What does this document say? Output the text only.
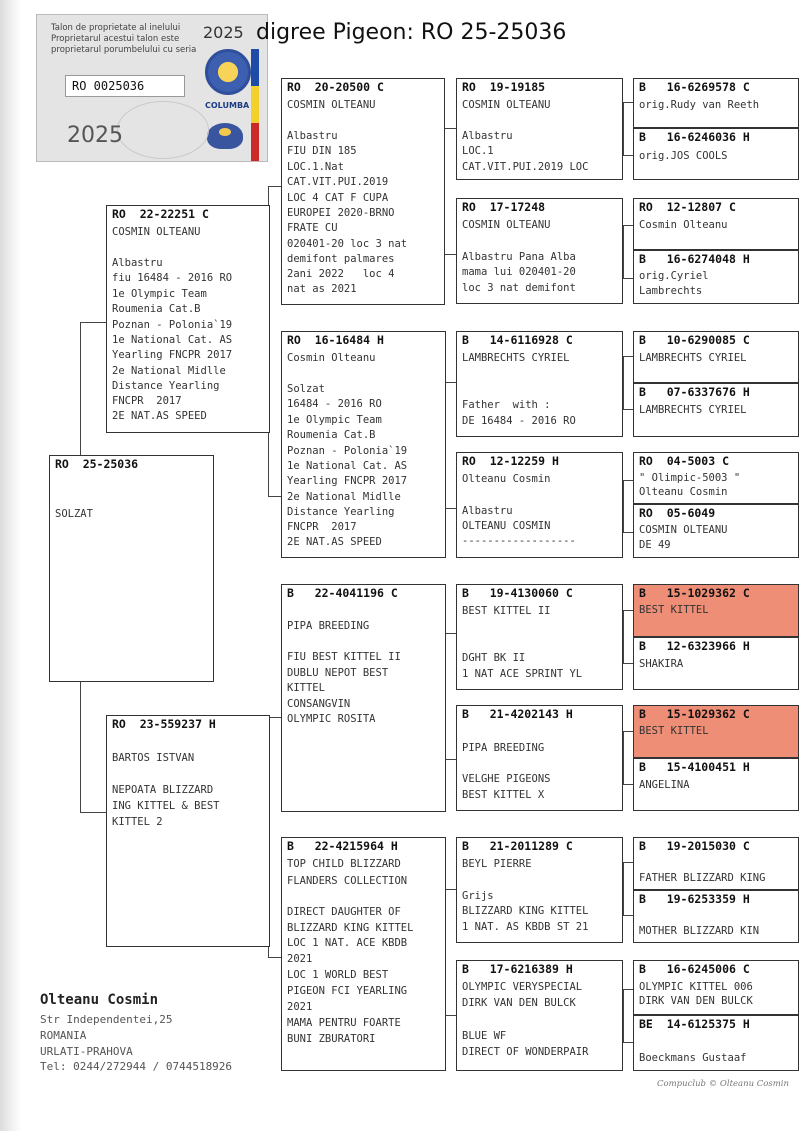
Talon de proprietate al inelului
Proprietarul acestui talon este
proprietarul porumbelului cu seria
2025
COLUMBA
RO 0025036
2025
digree Pigeon: RO 25-25036
RO  25-25036
SOLZAT
RO  22-22251 C
COSMIN OLTEANU
Albastru
fiu 16484 - 2016 RO
1e Olympic Team
Roumenia Cat.B
Poznan - Polonia`19
1e National Cat. AS
Yearling FNCPR 2017
2e National Midlle
Distance Yearling
FNCPR  2017
2E NAT.AS SPEED
RO  23-559237 H
BARTOS ISTVAN
NEPOATA BLIZZARD
ING KITTEL & BEST
KITTEL 2
RO  20-20500 C
COSMIN OLTEANU
Albastru
FIU DIN 185
LOC.1.Nat
CAT.VIT.PUI.2019
LOC 4 CAT F CUPA
EUROPEI 2020-BRNO
FRATE CU
020401-20 loc 3 nat
demifont palmares
2ani 2022   loc 4
nat as 2021
RO  16-16484 H
Cosmin Olteanu
Solzat
16484 - 2016 RO
1e Olympic Team
Roumenia Cat.B
Poznan - Polonia`19
1e National Cat. AS
Yearling FNCPR 2017
2e National Midlle
Distance Yearling
FNCPR  2017
2E NAT.AS SPEED
B   22-4041196 C
PIPA BREEDING
FIU BEST KITTEL II
DUBLU NEPOT BEST
KITTEL
CONSANGVIN
OLYMPIC ROSITA
B   22-4215964 H
TOP CHILD BLIZZARD
FLANDERS COLLECTION
DIRECT DAUGHTER OF
BLIZZARD KING KITTEL
LOC 1 NAT. ACE KBDB
2021
LOC 1 WORLD BEST
PIGEON FCI YEARLING
2021
MAMA PENTRU FOARTE
BUNI ZBURATORI
RO  19-19185
COSMIN OLTEANU
Albastru
LOC.1
CAT.VIT.PUI.2019 LOC
RO  17-17248
COSMIN OLTEANU
Albastru Pana Alba
mama lui 020401-20
loc 3 nat demifont
B   14-6116928 C
LAMBRECHTS CYRIEL
Father  with :
DE 16484 - 2016 RO
RO  12-12259 H
Olteanu Cosmin
Albastru
OLTEANU COSMIN
------------------
B   19-4130060 C
BEST KITTEL II
DGHT BK II
1 NAT ACE SPRINT YL
B   21-4202143 H
PIPA BREEDING
VELGHE PIGEONS
BEST KITTEL X
B   21-2011289 C
BEYL PIERRE
Grijs
BLIZZARD KING KITTEL
1 NAT. AS KBDB ST 21
B   17-6216389 H
OLYMPIC VERYSPECIAL
DIRK VAN DEN BULCK
BLUE WF
DIRECT OF WONDERPAIR
B   16-6269578 C
orig.Rudy van Reeth
B   16-6246036 H
orig.JOS COOLS
RO  12-12807 C
Cosmin Olteanu
B   16-6274048 H
orig.Cyriel
Lambrechts
B   10-6290085 C
LAMBRECHTS CYRIEL
B   07-6337676 H
LAMBRECHTS CYRIEL
RO  04-5003 C
" Olimpic-5003 "
Olteanu Cosmin
RO  05-6049
COSMIN OLTEANU
DE 49
B   15-1029362 C
BEST KITTEL
B   12-6323966 H
SHAKIRA
B   15-1029362 C
BEST KITTEL
B   15-4100451 H
ANGELINA
B   19-2015030 C
FATHER BLIZZARD KING
B   19-6253359 H
MOTHER BLIZZARD KIN
B   16-6245006 C
OLYMPIC KITTEL 006
DIRK VAN DEN BULCK
BE  14-6125375 H
Boeckmans Gustaaf
Olteanu Cosmin
Str Independentei,25
ROMANIA
URLATI-PRAHOVA
Tel: 0244/272944 / 0744518926
Compuclub © Olteanu Cosmin
